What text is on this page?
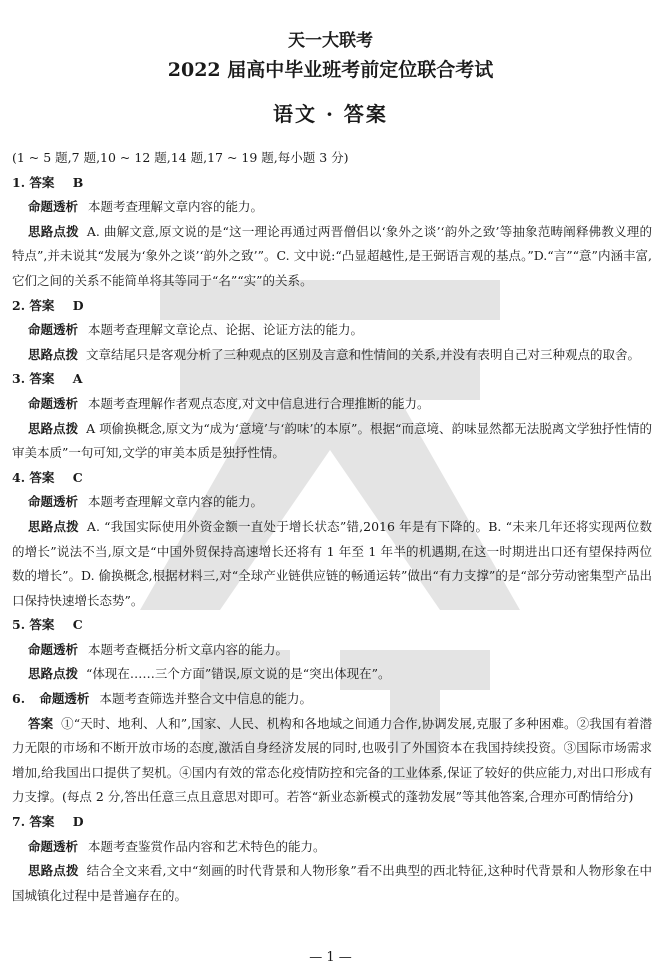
天一大联考
2022 届高中毕业班考前定位联合考试
语文 · 答案

(1 ~ 5 题,7 题,10 ~ 12 题,14 题,17 ~ 19 题,每小题 3 分)

1. 答案 B

命题透析 本题考查理解文章内容的能力。

思路点拨 A. 曲解文意,原文说的是“这一理论再通过两晋僧侣以‘象外之谈’‘韵外之致’等抽象范畴阐释佛教义理的特点”,并未说其“发展为‘象外之谈’‘韵外之致’”。C. 文中说:“凸显超越性,是王弼语言观的基点。”D.“言”“意”内涵丰富,它们之间的关系不能简单将其等同于“名”“实”的关系。

2. 答案 D

命题透析 本题考查理解文章论点、论据、论证方法的能力。

思路点拨 文章结尾只是客观分析了三种观点的区别及言意和性情间的关系,并没有表明自己对三种观点的取舍。

3. 答案 A

命题透析 本题考查理解作者观点态度,对文中信息进行合理推断的能力。

思路点拨 A 项偷换概念,原文为“成为‘意境’与‘韵味’的本原”。根据“而意境、韵味显然都无法脱离文学独抒性情的审美本质”一句可知,文学的审美本质是独抒性情。

4. 答案 C

命题透析 本题考查理解文章内容的能力。

思路点拨 A. “我国实际使用外资金额一直处于增长状态”错,2016 年是有下降的。B. “未来几年还将实现两位数的增长”说法不当,原文是“中国外贸保持高速增长还将有 1 年至 1 年半的机遇期,在这一时期进出口还有望保持两位数的增长”。D. 偷换概念,根据材料三,对“全球产业链供应链的畅通运转”做出“有力支撑”的是“部分劳动密集型产品出口保持快速增长态势”。

5. 答案 C

命题透析 本题考查概括分析文章内容的能力。

思路点拨 “体现在……三个方面”错误,原文说的是“突出体现在”。

6. 命题透析 本题考查筛选并整合文中信息的能力。

答案 ①“天时、地利、人和”,国家、人民、机构和各地域之间通力合作,协调发展,克服了多种困难。②我国有着潜力无限的市场和不断开放市场的态度,激活自身经济发展的同时,也吸引了外国资本在我国持续投资。③国际市场需求增加,给我国出口提供了契机。④国内有效的常态化疫情防控和完备的工业体系,保证了较好的供应能力,对出口形成有力支撑。(每点 2 分,答出任意三点且意思对即可。若答“新业态新模式的蓬勃发展”等其他答案,合理亦可酌情给分)

7. 答案 D

命题透析 本题考查鉴赏作品内容和艺术特色的能力。

思路点拨 结合全文来看,文中“刻画的时代背景和人物形象”看不出典型的西北特征,这种时代背景和人物形象在中国城镇化过程中是普遍存在的。

— 1 —
